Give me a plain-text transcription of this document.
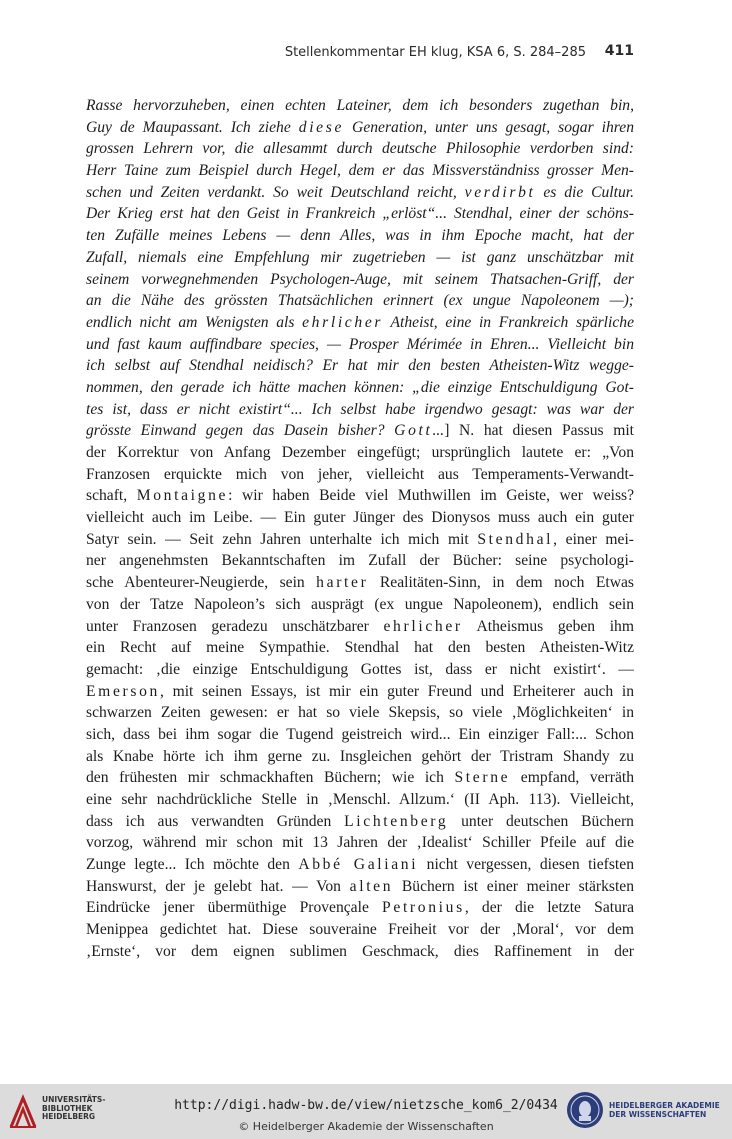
Stellenkommentar EH klug, KSA 6, S. 284–285 411
Rasse hervorzuheben, einen echten Lateiner, dem ich besonders zugethan bin,
Guy de Maupassant. Ich ziehe diese Generation, unter uns gesagt, sogar ihren
grossen Lehrern vor, die allesammt durch deutsche Philosophie verdorben sind:
Herr Taine zum Beispiel durch Hegel, dem er das Missverständniss grosser Men-
schen und Zeiten verdankt. So weit Deutschland reicht, verdirbt es die Cultur.
Der Krieg erst hat den Geist in Frankreich „erlöst“... Stendhal, einer der schöns-
ten Zufälle meines Lebens — denn Alles, was in ihm Epoche macht, hat der
Zufall, niemals eine Empfehlung mir zugetrieben — ist ganz unschätzbar mit
seinem vorwegnehmenden Psychologen-Auge, mit seinem Thatsachen-Griff, der
an die Nähe des grössten Thatsächlichen erinnert (ex ungue Napoleonem —);
endlich nicht am Wenigsten als ehrlicher Atheist, eine in Frankreich spärliche
und fast kaum auffindbare species, — Prosper Mérimée in Ehren... Vielleicht bin
ich selbst auf Stendhal neidisch? Er hat mir den besten Atheisten-Witz wegge-
nommen, den gerade ich hätte machen können: „die einzige Entschuldigung Got-
tes ist, dass er nicht existirt“... Ich selbst habe irgendwo gesagt: was war der
grösste Einwand gegen das Dasein bisher? Gott...] N. hat diesen Passus mit
der Korrektur von Anfang Dezember eingefügt; ursprünglich lautete er: „Von
Franzosen erquickte mich von jeher, vielleicht aus Temperaments-Verwandt-
schaft, Montaigne: wir haben Beide viel Muthwillen im Geiste, wer weiss?
vielleicht auch im Leibe. — Ein guter Jünger des Dionysos muss auch ein guter
Satyr sein. — Seit zehn Jahren unterhalte ich mich mit Stendhal, einer mei-
ner angenehmsten Bekanntschaften im Zufall der Bücher: seine psychologi-
sche Abenteurer-Neugierde, sein harter Realitäten-Sinn, in dem noch Etwas
von der Tatze Napoleon’s sich ausprägt (ex ungue Napoleonem), endlich sein
unter Franzosen geradezu unschätzbarer ehrlicher Atheismus geben ihm
ein Recht auf meine Sympathie. Stendhal hat den besten Atheisten-Witz
gemacht: ‚die einzige Entschuldigung Gottes ist, dass er nicht existirt‘. —
Emerson, mit seinen Essays, ist mir ein guter Freund und Erheiterer auch in
schwarzen Zeiten gewesen: er hat so viele Skepsis, so viele ‚Möglichkeiten‘ in
sich, dass bei ihm sogar die Tugend geistreich wird... Ein einziger Fall:... Schon
als Knabe hörte ich ihm gerne zu. Insgleichen gehört der Tristram Shandy zu
den frühesten mir schmackhaften Büchern; wie ich Sterne empfand, verräth
eine sehr nachdrückliche Stelle in ‚Menschl. Allzum.‘ (II Aph. 113). Vielleicht,
dass ich aus verwandten Gründen Lichtenberg unter deutschen Büchern
vorzog, während mir schon mit 13 Jahren der ‚Idealist‘ Schiller Pfeile auf die
Zunge legte... Ich möchte den Abbé Galiani nicht vergessen, diesen tiefsten
Hanswurst, der je gelebt hat. — Von alten Büchern ist einer meiner stärksten
Eindrücke jener übermüthige Provençale Petronius, der die letzte Satura
Menippea gedichtet hat. Diese souveraine Freiheit vor der ‚Moral‘, vor dem
‚Ernste‘, vor dem eignen sublimen Geschmack, dies Raffinement in der
UNIVERSITÄTS-
BIBLIOTHEK
HEIDELBERG
http://digi.hadw-bw.de/view/nietzsche_kom6_2/0434
© Heidelberger Akademie der Wissenschaften
HEIDELBERGER AKADEMIE
DER WISSENSCHAFTEN
